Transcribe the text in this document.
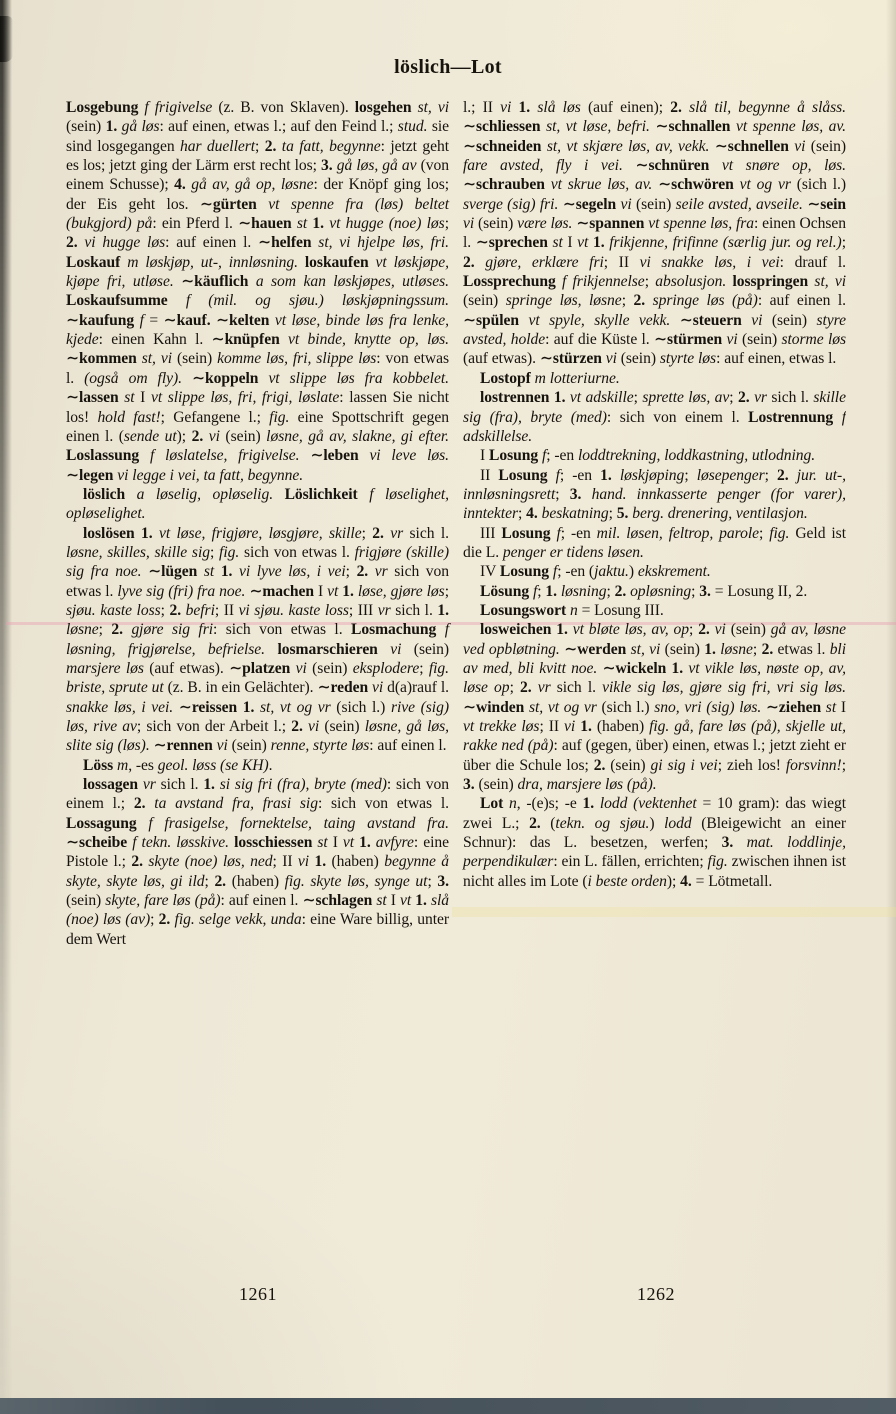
löslich—Lot

Losgebung f frigivelse (z. B. von Sklaven). losgehen st, vi (sein) 1. gå løs: auf einen, etwas l.; auf den Feind l.; stud. sie sind losgegangen har duellert; 2. ta fatt, begynne: jetzt geht es los; jetzt ging der Lärm erst recht los; 3. gå løs, gå av (von einem Schusse); 4. gå av, gå op, løsne: der Knöpf ging los; der Eis geht los. ∼gürten vt spenne fra (løs) beltet (bukgjord) på: ein Pferd l. ∼hauen st 1. vt hugge (noe) løs; 2. vi hugge løs: auf einen l. ∼helfen st, vi hjelpe løs, fri. Loskauf m løskjøp, ut-, innløsning. loskaufen vt løskjøpe, kjøpe fri, utløse. ∼käuflich a som kan løskjøpes, utløses. Loskaufsumme f (mil. og sjøu.) løskjøpningssum. ∼kaufung f = ∼kauf. ∼kelten vt løse, binde løs fra lenke, kjede: einen Kahn l. ∼knüpfen vt binde, knytte op, løs. ∼kommen st, vi (sein) komme løs, fri, slippe løs: von etwas l. (også om fly). ∼koppeln vt slippe løs fra kobbelet. ∼lassen st I vt slippe løs, fri, frigi, løslate: lassen Sie nicht los! hold fast!; Gefangene l.; fig. eine Spottschrift gegen einen l. (sende ut); 2. vi (sein) løsne, gå av, slakne, gi efter. Loslassung f løslatelse, frigivelse. ∼leben vi leve løs. ∼legen vi legge i vei, ta fatt, begynne.

löslich a løselig, opløselig. Löslichkeit f løselighet, opløselighet.

loslösen 1. vt løse, frigjøre, løsgjøre, skille; 2. vr sich l. løsne, skilles, skille sig; fig. sich von etwas l. frigjøre (skille) sig fra noe. ∼lügen st 1. vi lyve løs, i vei; 2. vr sich von etwas l. lyve sig (fri) fra noe. ∼machen I vt 1. løse, gjøre løs; sjøu. kaste loss; 2. befri; II vi sjøu. kaste loss; III vr sich l. 1. løsne; 2. gjøre sig fri: sich von etwas l. Losmachung f løsning, frigjørelse, befrielse. losmarschieren vi (sein) marsjere løs (auf etwas). ∼platzen vi (sein) eksplodere; fig. briste, sprute ut (z. B. in ein Gelächter). ∼reden vi d(a)rauf l. snakke løs, i vei. ∼reissen 1. st, vt og vr (sich l.) rive (sig) løs, rive av; sich von der Arbeit l.; 2. vi (sein) løsne, gå løs, slite sig (løs). ∼rennen vi (sein) renne, styrte løs: auf einen l.

Löss m, -es geol. løss (se KH).

lossagen vr sich l. 1. si sig fri (fra), bryte (med): sich von einem l.; 2. ta avstand fra, frasi sig: sich von etwas l. Lossagung f frasigelse, fornektelse, taing avstand fra. ∼scheibe f tekn. løsskive. losschiessen st I vt 1. avfyre: eine Pistole l.; 2. skyte (noe) løs, ned; II vi 1. (haben) begynne å skyte, skyte løs, gi ild; 2. (haben) fig. skyte løs, synge ut; 3. (sein) skyte, fare løs (på): auf einen l. ∼schlagen st I vt 1. slå (noe) løs (av); 2. fig. selge vekk, unda: eine Ware billig, unter dem Wert

l.; II vi 1. slå løs (auf einen); 2. slå til, begynne å slåss. ∼schliessen st, vt løse, befri. ∼schnallen vt spenne løs, av. ∼schneiden st, vt skjære løs, av, vekk. ∼schnellen vi (sein) fare avsted, fly i vei. ∼schnüren vt snøre op, løs. ∼schrauben vt skrue løs, av. ∼schwören vt og vr (sich l.) sverge (sig) fri. ∼segeln vi (sein) seile avsted, avseile. ∼sein vi (sein) være løs. ∼spannen vt spenne løs, fra: einen Ochsen l. ∼sprechen st I vt 1. frikjenne, frifinne (særlig jur. og rel.); 2. gjøre, erklære fri; II vi snakke løs, i vei: drauf l. Lossprechung f frikjennelse; absolusjon. losspringen st, vi (sein) springe løs, løsne; 2. springe løs (på): auf einen l. ∼spülen vt spyle, skylle vekk. ∼steuern vi (sein) styre avsted, holde: auf die Küste l. ∼stürmen vi (sein) storme løs (auf etwas). ∼stürzen vi (sein) styrte løs: auf einen, etwas l.

Lostopf m lotteriurne.

lostrennen 1. vt adskille; sprette løs, av; 2. vr sich l. skille sig (fra), bryte (med): sich von einem l. Lostrennung f adskillelse.

I Losung f; -en loddtrekning, loddkastning, utlodning.

II Losung f; -en 1. løskjøping; løsepenger; 2. jur. ut-, innløsningsrett; 3. hand. innkasserte penger (for varer), inntekter; 4. beskatning; 5. berg. drenering, ventilasjon.

III Losung f; -en mil. løsen, feltrop, parole; fig. Geld ist die L. penger er tidens løsen.

IV Losung f; -en (jaktu.) ekskrement.

Lösung f; 1. løsning; 2. opløsning; 3. = Losung II, 2.

Losungswort n = Losung III.

losweichen 1. vt bløte løs, av, op; 2. vi (sein) gå av, løsne ved opbløtning. ∼werden st, vi (sein) 1. løsne; 2. etwas l. bli av med, bli kvitt noe. ∼wickeln 1. vt vikle løs, nøste op, av, løse op; 2. vr sich l. vikle sig løs, gjøre sig fri, vri sig løs. ∼winden st, vt og vr (sich l.) sno, vri (sig) løs. ∼ziehen st I vt trekke løs; II vi 1. (haben) fig. gå, fare løs (på), skjelle ut, rakke ned (på): auf (gegen, über) einen, etwas l.; jetzt zieht er über die Schule los; 2. (sein) gi sig i vei; zieh los! forsvinn!; 3. (sein) dra, marsjere løs (på).

Lot n, -(e)s; -e 1. lodd (vektenhet = 10 gram): das wiegt zwei L.; 2. (tekn. og sjøu.) lodd (Bleigewicht an einer Schnur): das L. besetzen, werfen; 3. mat. loddlinje, perpendikulær: ein L. fällen, errichten; fig. zwischen ihnen ist nicht alles im Lote (i beste orden); 4. = Lötmetall.

1261	1262
